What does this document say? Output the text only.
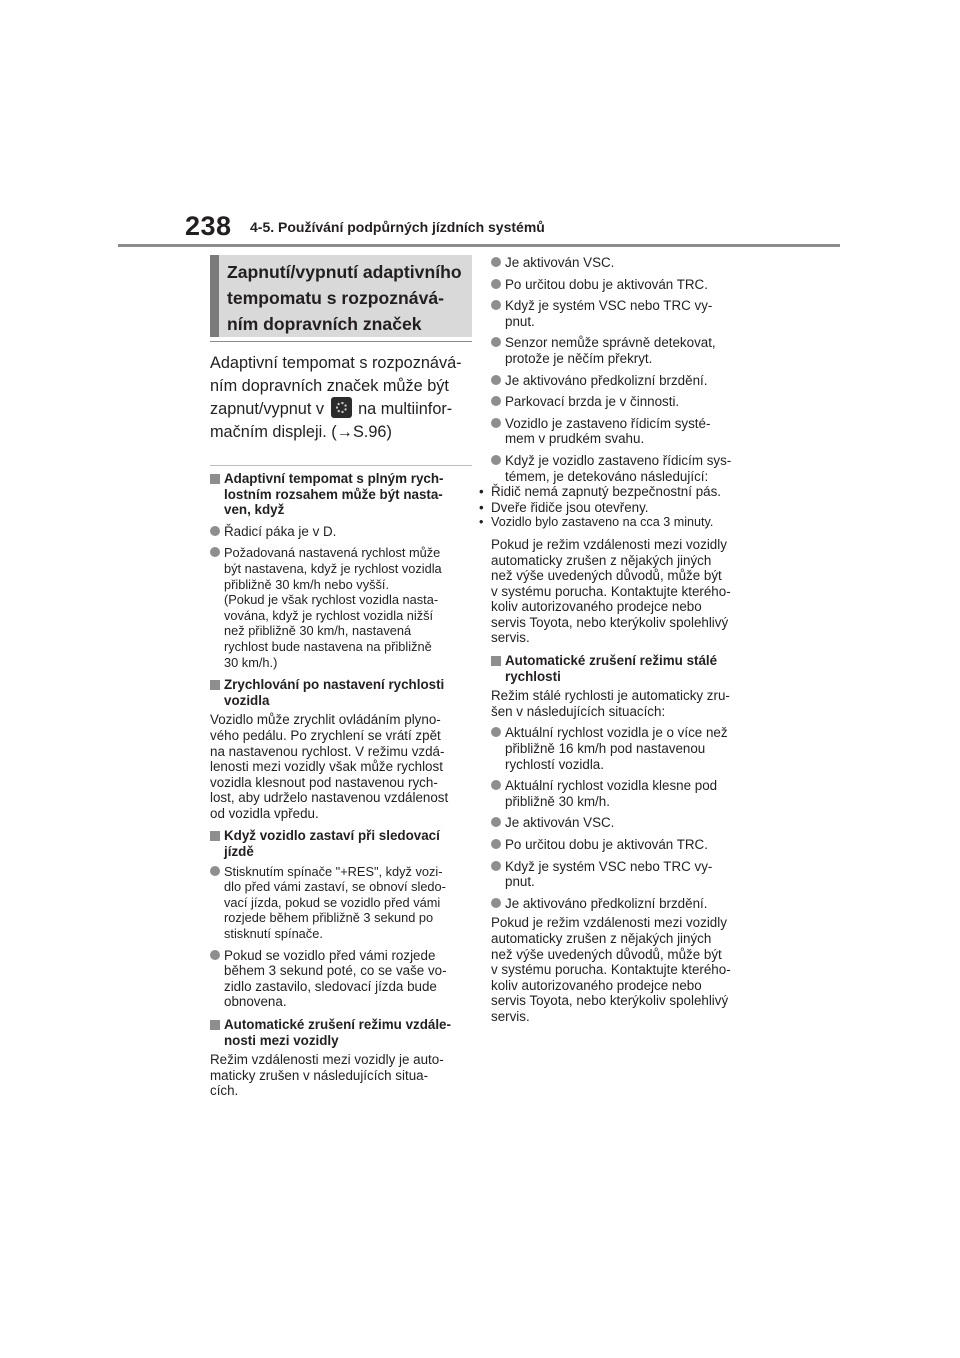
238 4-5. Používání podpůrných jízdních systémů
Zapnutí/vypnutí adaptivního
tempomatu s rozpoznává-
ním dopravních značek
Adaptivní tempomat s rozpoznává-
ním dopravních značek může být
zapnut/vypnut v na multiinfor-
mačním displeji. (→S.96)
Adaptivní tempomat s plným rych-
lostním rozsahem může být nasta-
ven, když
Řadicí páka je v D.
Požadovaná nastavená rychlost může
být nastavena, když je rychlost vozidla
přibližně 30 km/h nebo vyšší.
(Pokud je však rychlost vozidla nasta-
vována, když je rychlost vozidla nižší
než přibližně 30 km/h, nastavená
rychlost bude nastavena na přibližně
30 km/h.)
Zrychlování po nastavení rychlosti
vozidla
Vozidlo může zrychlit ovládáním plyno-
vého pedálu. Po zrychlení se vrátí zpět
na nastavenou rychlost. V režimu vzdá-
lenosti mezi vozidly však může rychlost
vozidla klesnout pod nastavenou rych-
lost, aby udrželo nastavenou vzdálenost
od vozidla vpředu.
Když vozidlo zastaví při sledovací
jízdě
Stisknutím spínače "+RES", když vozi-
dlo před vámi zastaví, se obnoví sledo-
vací jízda, pokud se vozidlo před vámi
rozjede během přibližně 3 sekund po
stisknutí spínače.
Pokud se vozidlo před vámi rozjede
během 3 sekund poté, co se vaše vo-
zidlo zastavilo, sledovací jízda bude
obnovena.
Automatické zrušení režimu vzdále-
nosti mezi vozidly
Režim vzdálenosti mezi vozidly je auto-
maticky zrušen v následujících situa-
cích.
Je aktivován VSC.
Po určitou dobu je aktivován TRC.
Když je systém VSC nebo TRC vy-
pnut.
Senzor nemůže správně detekovat,
protože je něčím překryt.
Je aktivováno předkolizní brzdění.
Parkovací brzda je v činnosti.
Vozidlo je zastaveno řídicím systé-
mem v prudkém svahu.
Když je vozidlo zastaveno řídicím sys-
témem, je detekováno následující:
• Řidič nemá zapnutý bezpečnostní pás.
• Dveře řidiče jsou otevřeny.
• Vozidlo bylo zastaveno na cca 3 minuty.
Pokud je režim vzdálenosti mezi vozidly
automaticky zrušen z nějakých jiných
než výše uvedených důvodů, může být
v systému porucha. Kontaktujte kterého-
koliv autorizovaného prodejce nebo
servis Toyota, nebo kterýkoliv spolehlivý
servis.
Automatické zrušení režimu stálé
rychlosti
Režim stálé rychlosti je automaticky zru-
šen v následujících situacích:
Aktuální rychlost vozidla je o více než
přibližně 16 km/h pod nastavenou
rychlostí vozidla.
Aktuální rychlost vozidla klesne pod
přibližně 30 km/h.
Je aktivován VSC.
Po určitou dobu je aktivován TRC.
Když je systém VSC nebo TRC vy-
pnut.
Je aktivováno předkolizní brzdění.
Pokud je režim vzdálenosti mezi vozidly
automaticky zrušen z nějakých jiných
než výše uvedených důvodů, může být
v systému porucha. Kontaktujte kterého-
koliv autorizovaného prodejce nebo
servis Toyota, nebo kterýkoliv spolehlivý
servis.
